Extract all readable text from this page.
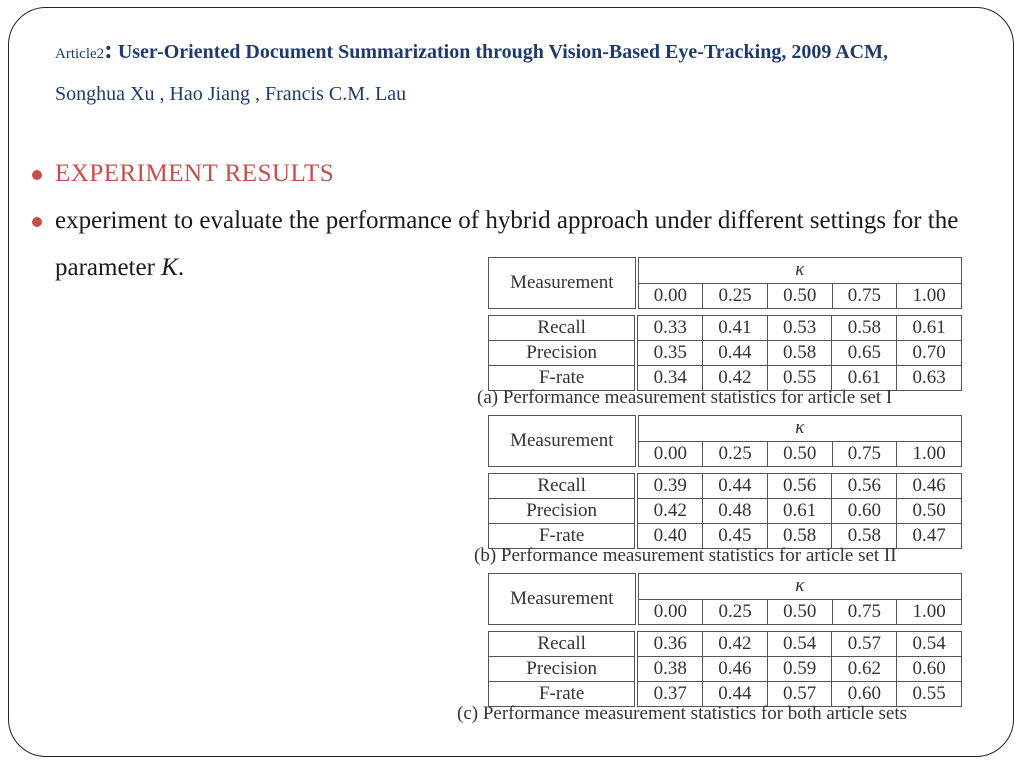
Article2: User-Oriented Document Summarization through Vision-Based Eye-Tracking, 2009 ACM, Songhua Xu , Hao Jiang , Francis C.M. Lau
EXPERIMENT RESULTS
experiment to evaluate the performance of hybrid approach under different settings for the parameter K.
Measurement	κ				
	0.00	0.25	0.50	0.75	1.00
Recall	0.33	0.41	0.53	0.58	0.61
Precision	0.35	0.44	0.58	0.65	0.70
F-rate	0.34	0.42	0.55	0.61	0.63
(a) Performance measurement statistics for article set I
Measurement	κ				
	0.00	0.25	0.50	0.75	1.00
Recall	0.39	0.44	0.56	0.56	0.46
Precision	0.42	0.48	0.61	0.60	0.50
F-rate	0.40	0.45	0.58	0.58	0.47
(b) Performance measurement statistics for article set II
Measurement	κ				
	0.00	0.25	0.50	0.75	1.00
Recall	0.36	0.42	0.54	0.57	0.54
Precision	0.38	0.46	0.59	0.62	0.60
F-rate	0.37	0.44	0.57	0.60	0.55
(c) Performance measurement statistics for both article sets
